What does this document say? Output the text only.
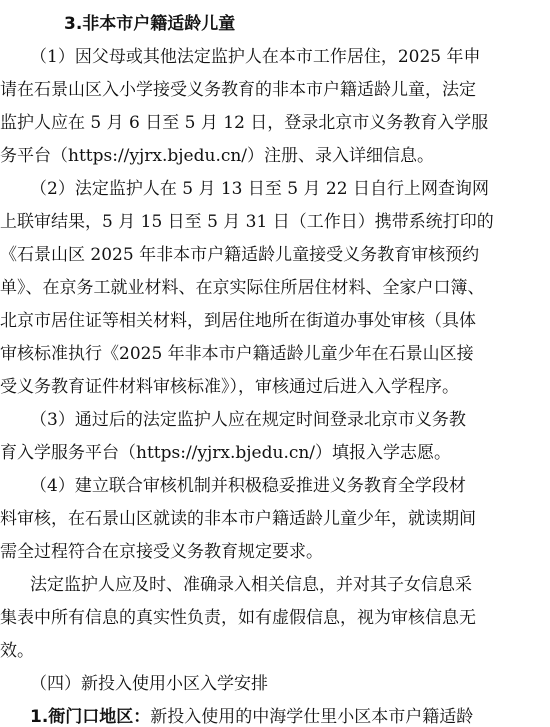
3.非本市户籍适龄儿童
（1）因父母或其他法定监护人在本市工作居住，2025 年申
请在石景山区入小学接受义务教育的非本市户籍适龄儿童，法定
监护人应在 5 月 6 日至 5 月 12 日，登录北京市义务教育入学服
务平台（https://yjrx.bjedu.cn/）注册、录入详细信息。
（2）法定监护人在 5 月 13 日至 5 月 22 日自行上网查询网
上联审结果，5 月 15 日至 5 月 31 日（工作日）携带系统打印的
《石景山区 2025 年非本市户籍适龄儿童接受义务教育审核预约
单》、在京务工就业材料、在京实际住所居住材料、全家户口簿、
北京市居住证等相关材料，到居住地所在街道办事处审核（具体
审核标准执行《2025 年非本市户籍适龄儿童少年在石景山区接
受义务教育证件材料审核标准》），审核通过后进入入学程序。
（3）通过后的法定监护人应在规定时间登录北京市义务教
育入学服务平台（https://yjrx.bjedu.cn/）填报入学志愿。
（4）建立联合审核机制并积极稳妥推进义务教育全学段材
料审核，在石景山区就读的非本市户籍适龄儿童少年，就读期间
需全过程符合在京接受义务教育规定要求。
法定监护人应及时、准确录入相关信息，并对其子女信息采
集表中所有信息的真实性负责，如有虚假信息，视为审核信息无
效。
（四）新投入使用小区入学安排
1.衙门口地区：新投入使用的中海学仕里小区本市户籍适龄
